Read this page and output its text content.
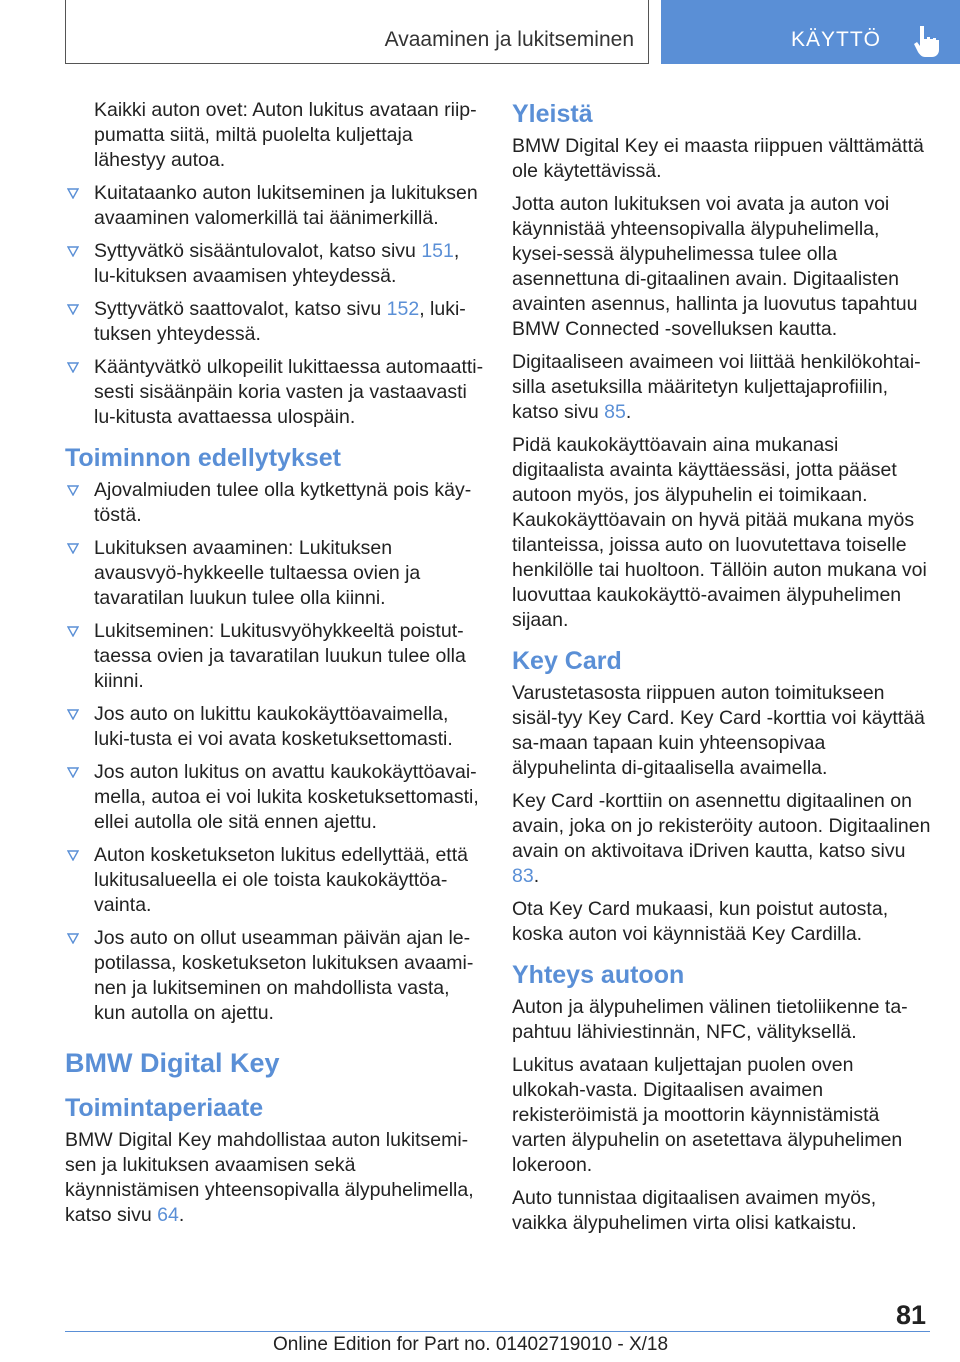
Avaaminen ja lukitseminen	KÄYTTÖ

Kaikki auton ovet: Auton lukitus avataan riip-pumatta siitä, miltä puolelta kuljettaja lähestyy autoa.

Kuitataanko auton lukitseminen ja lukituksen avaaminen valomerkillä tai äänimerkillä.
Syttyvätkö sisääntulovalot, katso sivu 151, lu-kituksen avaamisen yhteydessä.
Syttyvätkö saattovalot, katso sivu 152, luki-tuksen yhteydessä.
Kääntyvätkö ulkopeilit lukittaessa automaatti-sesti sisäänpäin koria vasten ja vastaavasti lu-kitusta avattaessa ulospäin.
Toiminnon edellytykset
Ajovalmiuden tulee olla kytkettynä pois käy-töstä.
Lukituksen avaaminen: Lukituksen avausvyö-hykkeelle tultaessa ovien ja tavaratilan luukun tulee olla kiinni.
Lukitseminen: Lukitusvyöhykkeeltä poistut-taessa ovien ja tavaratilan luukun tulee olla kiinni.
Jos auto on lukittu kaukokäyttöavaimella, luki-tusta ei voi avata kosketuksettomasti.
Jos auton lukitus on avattu kaukokäyttöavai-mella, autoa ei voi lukita kosketuksettomasti, ellei autolla ole sitä ennen ajettu.
Auton kosketukseton lukitus edellyttää, että lukitusalueella ei ole toista kaukokäyttöa-vainta.
Jos auto on ollut useamman päivän ajan le-potilassa, kosketukseton lukituksen avaami-nen ja lukitseminen on mahdollista vasta, kun autolla on ajettu.
BMW Digital Key
Toimintaperiaate

BMW Digital Key mahdollistaa auton lukitsemi-sen ja lukituksen avaamisen sekä käynnistämisen yhteensopivalla älypuhelimella, katso sivu 64.

Yleistä

BMW Digital Key ei maasta riippuen välttämättä ole käytettävissä.

Jotta auton lukituksen voi avata ja auton voi käynnistää yhteensopivalla älypuhelimella, kysei-sessä älypuhelimessa tulee olla asennettuna di-gitaalinen avain. Digitaalisten avainten asennus, hallinta ja luovutus tapahtuu BMW Connected -sovelluksen kautta.

Digitaaliseen avaimeen voi liittää henkilökohtai-silla asetuksilla määritetyn kuljettajaprofiilin, katso sivu 85.

Pidä kaukokäyttöavain aina mukanasi digitaalista avainta käyttäessäsi, jotta pääset autoon myös, jos älypuhelin ei toimikaan. Kaukokäyttöavain on hyvä pitää mukana myös tilanteissa, joissa auto on luovutettava toiselle henkilölle tai huoltoon. Tällöin auton mukana voi luovuttaa kaukokäyttö-avaimen älypuhelimen sijaan.

Key Card

Varustetasosta riippuen auton toimitukseen sisäl-tyy Key Card. Key Card -korttia voi käyttää sa-maan tapaan kuin yhteensopivaa älypuhelinta di-gitaalisella avaimella.

Key Card -korttiin on asennettu digitaalinen on avain, joka on jo rekisteröity autoon. Digitaalinen avain on aktivoitava iDriven kautta, katso sivu 83.

Ota Key Card mukaasi, kun poistut autosta, koska auton voi käynnistää Key Cardilla.

Yhteys autoon

Auton ja älypuhelimen välinen tietoliikenne ta-pahtuu lähiviestinnän, NFC, välityksellä.

Lukitus avataan kuljettajan puolen oven ulkokah-vasta. Digitaalisen avaimen rekisteröimistä ja moottorin käynnistämistä varten älypuhelin on asetettava älypuhelimen lokeroon.

Auto tunnistaa digitaalisen avaimen myös, vaikka älypuhelimen virta olisi katkaistu.

81
Online Edition for Part no. 01402719010 - X/18
